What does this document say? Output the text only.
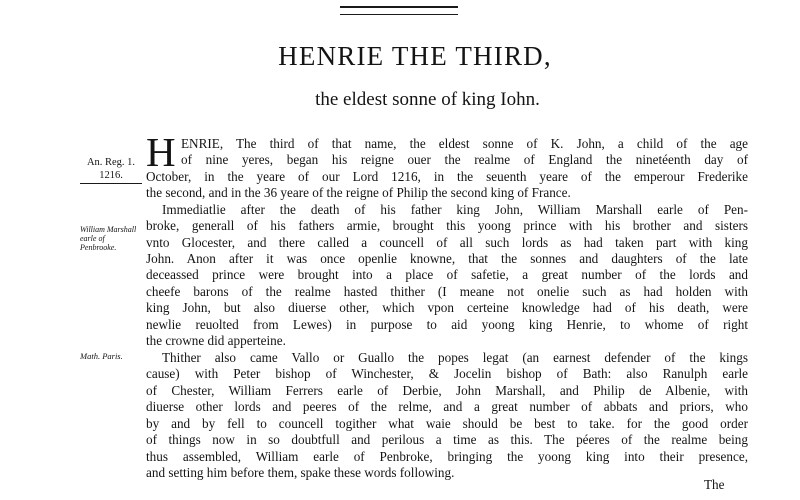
HENRIE THE THIRD,
the eldest sonne of king Iohn.
An. Reg. 1.
1216.
William Marshall earle of Penbrooke.
Math. Paris.
H ENRIE, The third of that name, the eldest sonne of K. John, a child of the age
of nine yeres, began his reigne ouer the realme of England the ninetéenth day of
October, in the yeare of our Lord 1216, in the seuenth yeare of the emperour Frederike
the second, and in the 36 yeare of the reigne of Philip the second king of France.
Immediatlie after the death of his father king John, William Marshall earle of Pen-
broke, generall of his fathers armie, brought this yoong prince with his brother and sisters
vnto Glocester, and there called a councell of all such lords as had taken part with king
John. Anon after it was once openlie knowne, that the sonnes and daughters of the late
deceassed prince were brought into a place of safetie, a great number of the lords and
cheefe barons of the realme hasted thither (I meane not onelie such as had holden with
king John, but also diuerse other, which vpon certeine knowledge had of his death, were
newlie reuolted from Lewes) in purpose to aid yoong king Henrie, to whome of right
the crowne did apperteine.
Thither also came Vallo or Guallo the popes legat (an earnest defender of the kings
cause) with Peter bishop of Winchester, & Jocelin bishop of Bath: also Ranulph earle
of Chester, William Ferrers earle of Derbie, John Marshall, and Philip de Albenie, with
diuerse other lords and peeres of the relme, and a great number of abbats and priors, who
by and by fell to councell togither what waie should be best to take. for the good order
of things now in so doubtfull and perilous a time as this. The péeres of the realme being
thus assembled, William earle of Penbroke, bringing the yoong king into their presence,
and setting him before them, spake these words following.
The
